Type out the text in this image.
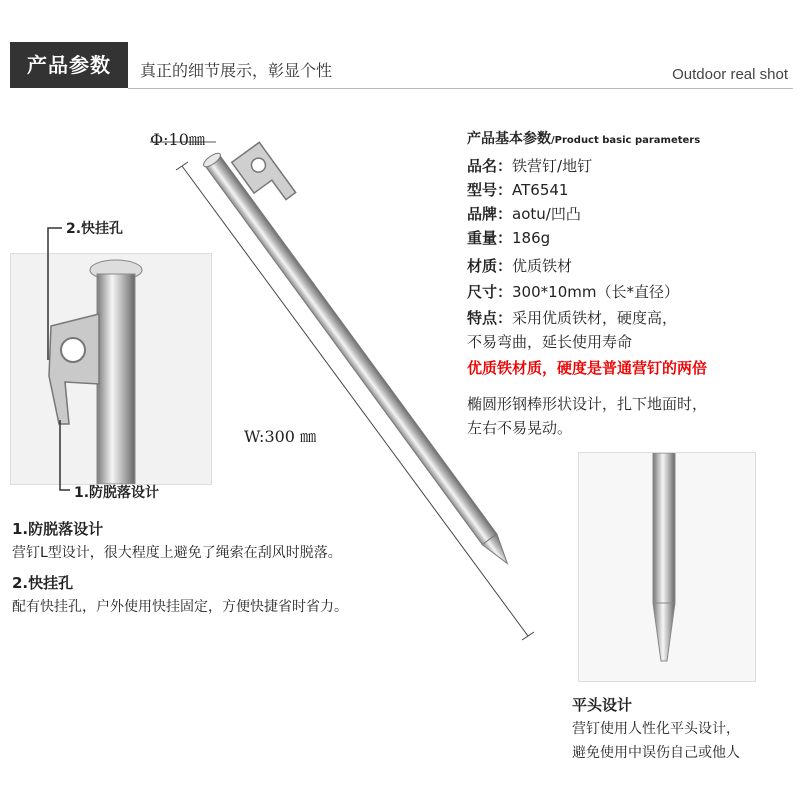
产品参数	真正的细节展示，彰显个性	Outdoor real shot
Φ:10㎜
W:300 ㎜
2.快挂孔
1.防脱落设计
产品基本参数/Product basic parameters
品名：铁营钉/地钉
型号：AT6541
品牌：aotu/凹凸
重量：186g
材质：优质铁材
尺寸：300*10mm（长*直径）
特点：采用优质铁材，硬度高，
不易弯曲，延长使用寿命
优质铁材质，硬度是普通营钉的两倍
椭圆形钢棒形状设计，扎下地面时，
左右不易晃动。
1.防脱落设计
营钉L型设计，很大程度上避免了绳索在刮风时脱落。
2.快挂孔
配有快挂孔，户外使用快挂固定，方便快捷省时省力。
平头设计
营钉使用人性化平头设计，
避免使用中误伤自己或他人
